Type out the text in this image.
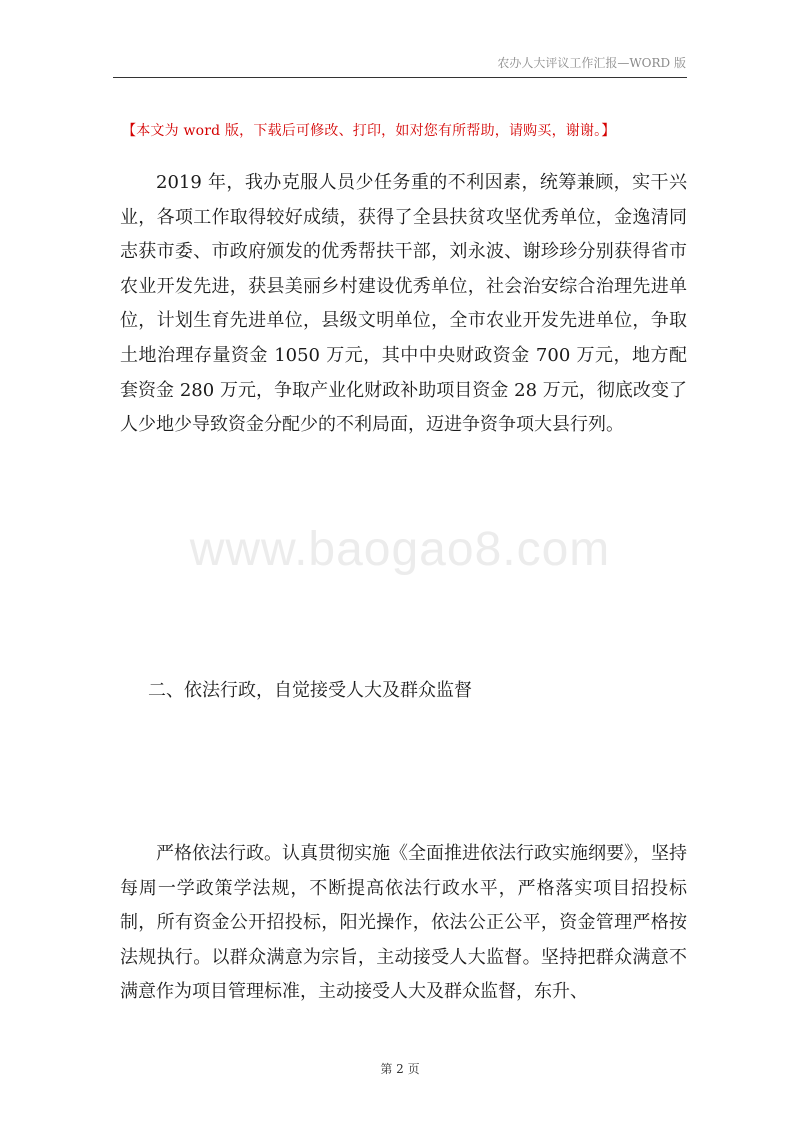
农办人大评议工作汇报—WORD 版
【本文为 word 版，下载后可修改、打印，如对您有所帮助，请购买，谢谢。】

2019 年，我办克服人员少任务重的不利因素，统筹兼顾，实干兴业，各项工作取得较好成绩，获得了全县扶贫攻坚优秀单位，金逸清同志获市委、市政府颁发的优秀帮扶干部，刘永波、谢珍珍分别获得省市农业开发先进，获县美丽乡村建设优秀单位，社会治安综合治理先进单位，计划生育先进单位，县级文明单位，全市农业开发先进单位，争取土地治理存量资金 1050 万元，其中中央财政资金 700 万元，地方配套资金 280 万元，争取产业化财政补助项目资金 28 万元，彻底改变了人少地少导致资金分配少的不利局面，迈进争资争项大县行列。

www.baogao8.com
二、依法行政，自觉接受人大及群众监督

严格依法行政。认真贯彻实施《全面推进依法行政实施纲要》，坚持每周一学政策学法规，不断提高依法行政水平，严格落实项目招投标制，所有资金公开招投标，阳光操作，依法公正公平，资金管理严格按法规执行。以群众满意为宗旨，主动接受人大监督。坚持把群众满意不满意作为项目管理标准，主动接受人大及群众监督，东升、

第 2 页
